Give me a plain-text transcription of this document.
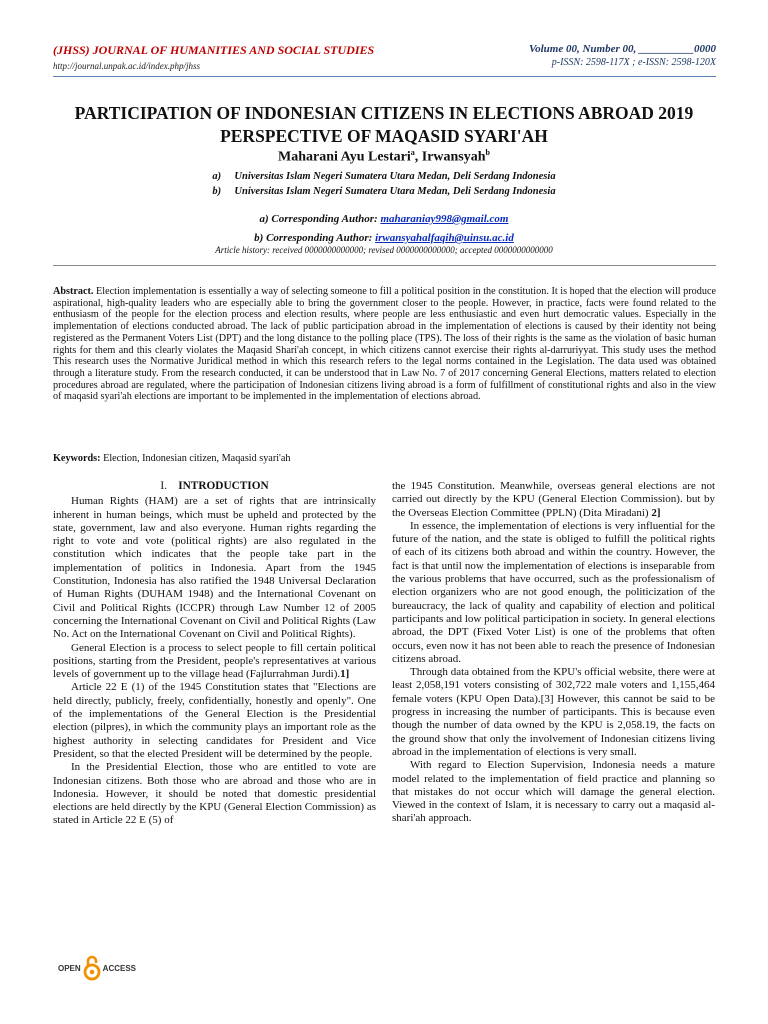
(JHSS) JOURNAL OF HUMANITIES AND SOCIAL STUDIES
http://journal.unpak.ac.id/index.php/jhss
Volume 00, Number 00, __________0000
p-ISSN: 2598-117X ; e-ISSN: 2598-120X
PARTICIPATION OF INDONESIAN CITIZENS IN ELECTIONS ABROAD 2019
PERSPECTIVE OF MAQASID SYARI'AH
Maharani Ayu Lestari$^a$, Irwansyah$^b$
a) Universitas Islam Negeri Sumatera Utara Medan, Deli Serdang Indonesia
b) Universitas Islam Negeri Sumatera Utara Medan, Deli Serdang Indonesia
a) Corresponding Author: maharaniay998@gmail.com
b) Corresponding Author: irwansyahalfaqih@uinsu.ac.id
Article history: received 0000000000000; revised 0000000000000; accepted 0000000000000
Abstract. Election implementation is essentially a way of selecting someone to fill a political position in the constitution. It is hoped that the election will produce aspirational, high-quality leaders who are especially able to bring the government closer to the people. However, in practice, facts were found related to the enthusiasm of the people for the election process and election results, where people are less enthusiastic and even hurt democratic values. Especially in the implementation of elections conducted abroad. The lack of public participation abroad in the implementation of elections is caused by their identity not being registered as the Permanent Voters List (DPT) and the long distance to the polling place (TPS). The loss of their rights is the same as the violation of basic human rights for them and this clearly violates the Maqasid Shari'ah concept, in which citizens cannot exercise their rights al-darruriyyat. This study uses the method This research uses the Normative Juridical method in which this research refers to the legal norms contained in the Legislation. The data used was obtained through a literature study. From the research conducted, it can be understood that in Law No. 7 of 2017 concerning General Elections, matters related to election procedures abroad are regulated, where the participation of Indonesian citizens living abroad is a form of fulfillment of constitutional rights and also in the view of maqasid syari'ah elections are important to be implemented in the implementation of elections abroad.
Keywords: Election, Indonesian citizen, Maqasid syari'ah
I. INTRODUCTION

Human Rights (HAM) are a set of rights that are intrinsically inherent in human beings, which must be upheld and protected by the state, government, law and also everyone. Human rights regarding the right to vote and vote (political rights) are also regulated in the constitution which indicates that the people take part in the implementation of politics in Indonesia. Apart from the 1945 Constitution, Indonesia has also ratified the 1948 Universal Declaration of Human Rights (DUHAM 1948) and the International Covenant on Civil and Political Rights (ICCPR) through Law Number 12 of 2005 concerning the International Covenant on Civil and Political Rights (Law No. Act on the International Covenant on Civil and Political Rights).

General Election is a process to select people to fill certain political positions, starting from the President, people's representatives at various levels of government up to the village head (Fajlurrahman Jurdi).1]

Article 22 E (1) of the 1945 Constitution states that "Elections are held directly, publicly, freely, confidentially, honestly and openly". One of the implementations of the General Election is the Presidential election (pilpres), in which the community plays an important role as the highest authority in selecting candidates for President and Vice President, so that the elected President will be determined by the people.

In the Presidential Election, those who are entitled to vote are Indonesian citizens. Both those who are abroad and those who are in Indonesia. However, it should be noted that domestic presidential elections are held directly by the KPU (General Election Commission) as stated in Article 22 E (5) of

the 1945 Constitution. Meanwhile, overseas general elections are not carried out directly by the KPU (General Election Commission). but by the Overseas Election Committee (PPLN) (Dita Miradani) 2]

In essence, the implementation of elections is very influential for the future of the nation, and the state is obliged to fulfill the political rights of each of its citizens both abroad and within the country. However, the fact is that until now the implementation of elections is inseparable from the various problems that have occurred, such as the professionalism of election organizers who are not good enough, the politicization of the bureaucracy, the lack of quality and capability of election and political participants and low political participation in society. In general elections abroad, the DPT (Fixed Voter List) is one of the problems that often occurs, even now it has not been able to reach the presence of Indonesian citizens abroad.

Through data obtained from the KPU's official website, there were at least 2,058,191 voters consisting of 302,722 male voters and 1,155,464 female voters (KPU Open Data).[3] However, this cannot be said to be progress in increasing the number of participants. This is because even though the number of data owned by the KPU is 2,058.19, the facts on the ground show that only the involvement of Indonesian citizens living abroad in the implementation of elections is very small.

With regard to Election Supervision, Indonesia needs a mature model related to the implementation of field practice and planning so that mistakes do not occur which will damage the general election. Viewed in the context of Islam, it is necessary to carry out a maqasid al-shari'ah approach.

OPEN	ACCESS
